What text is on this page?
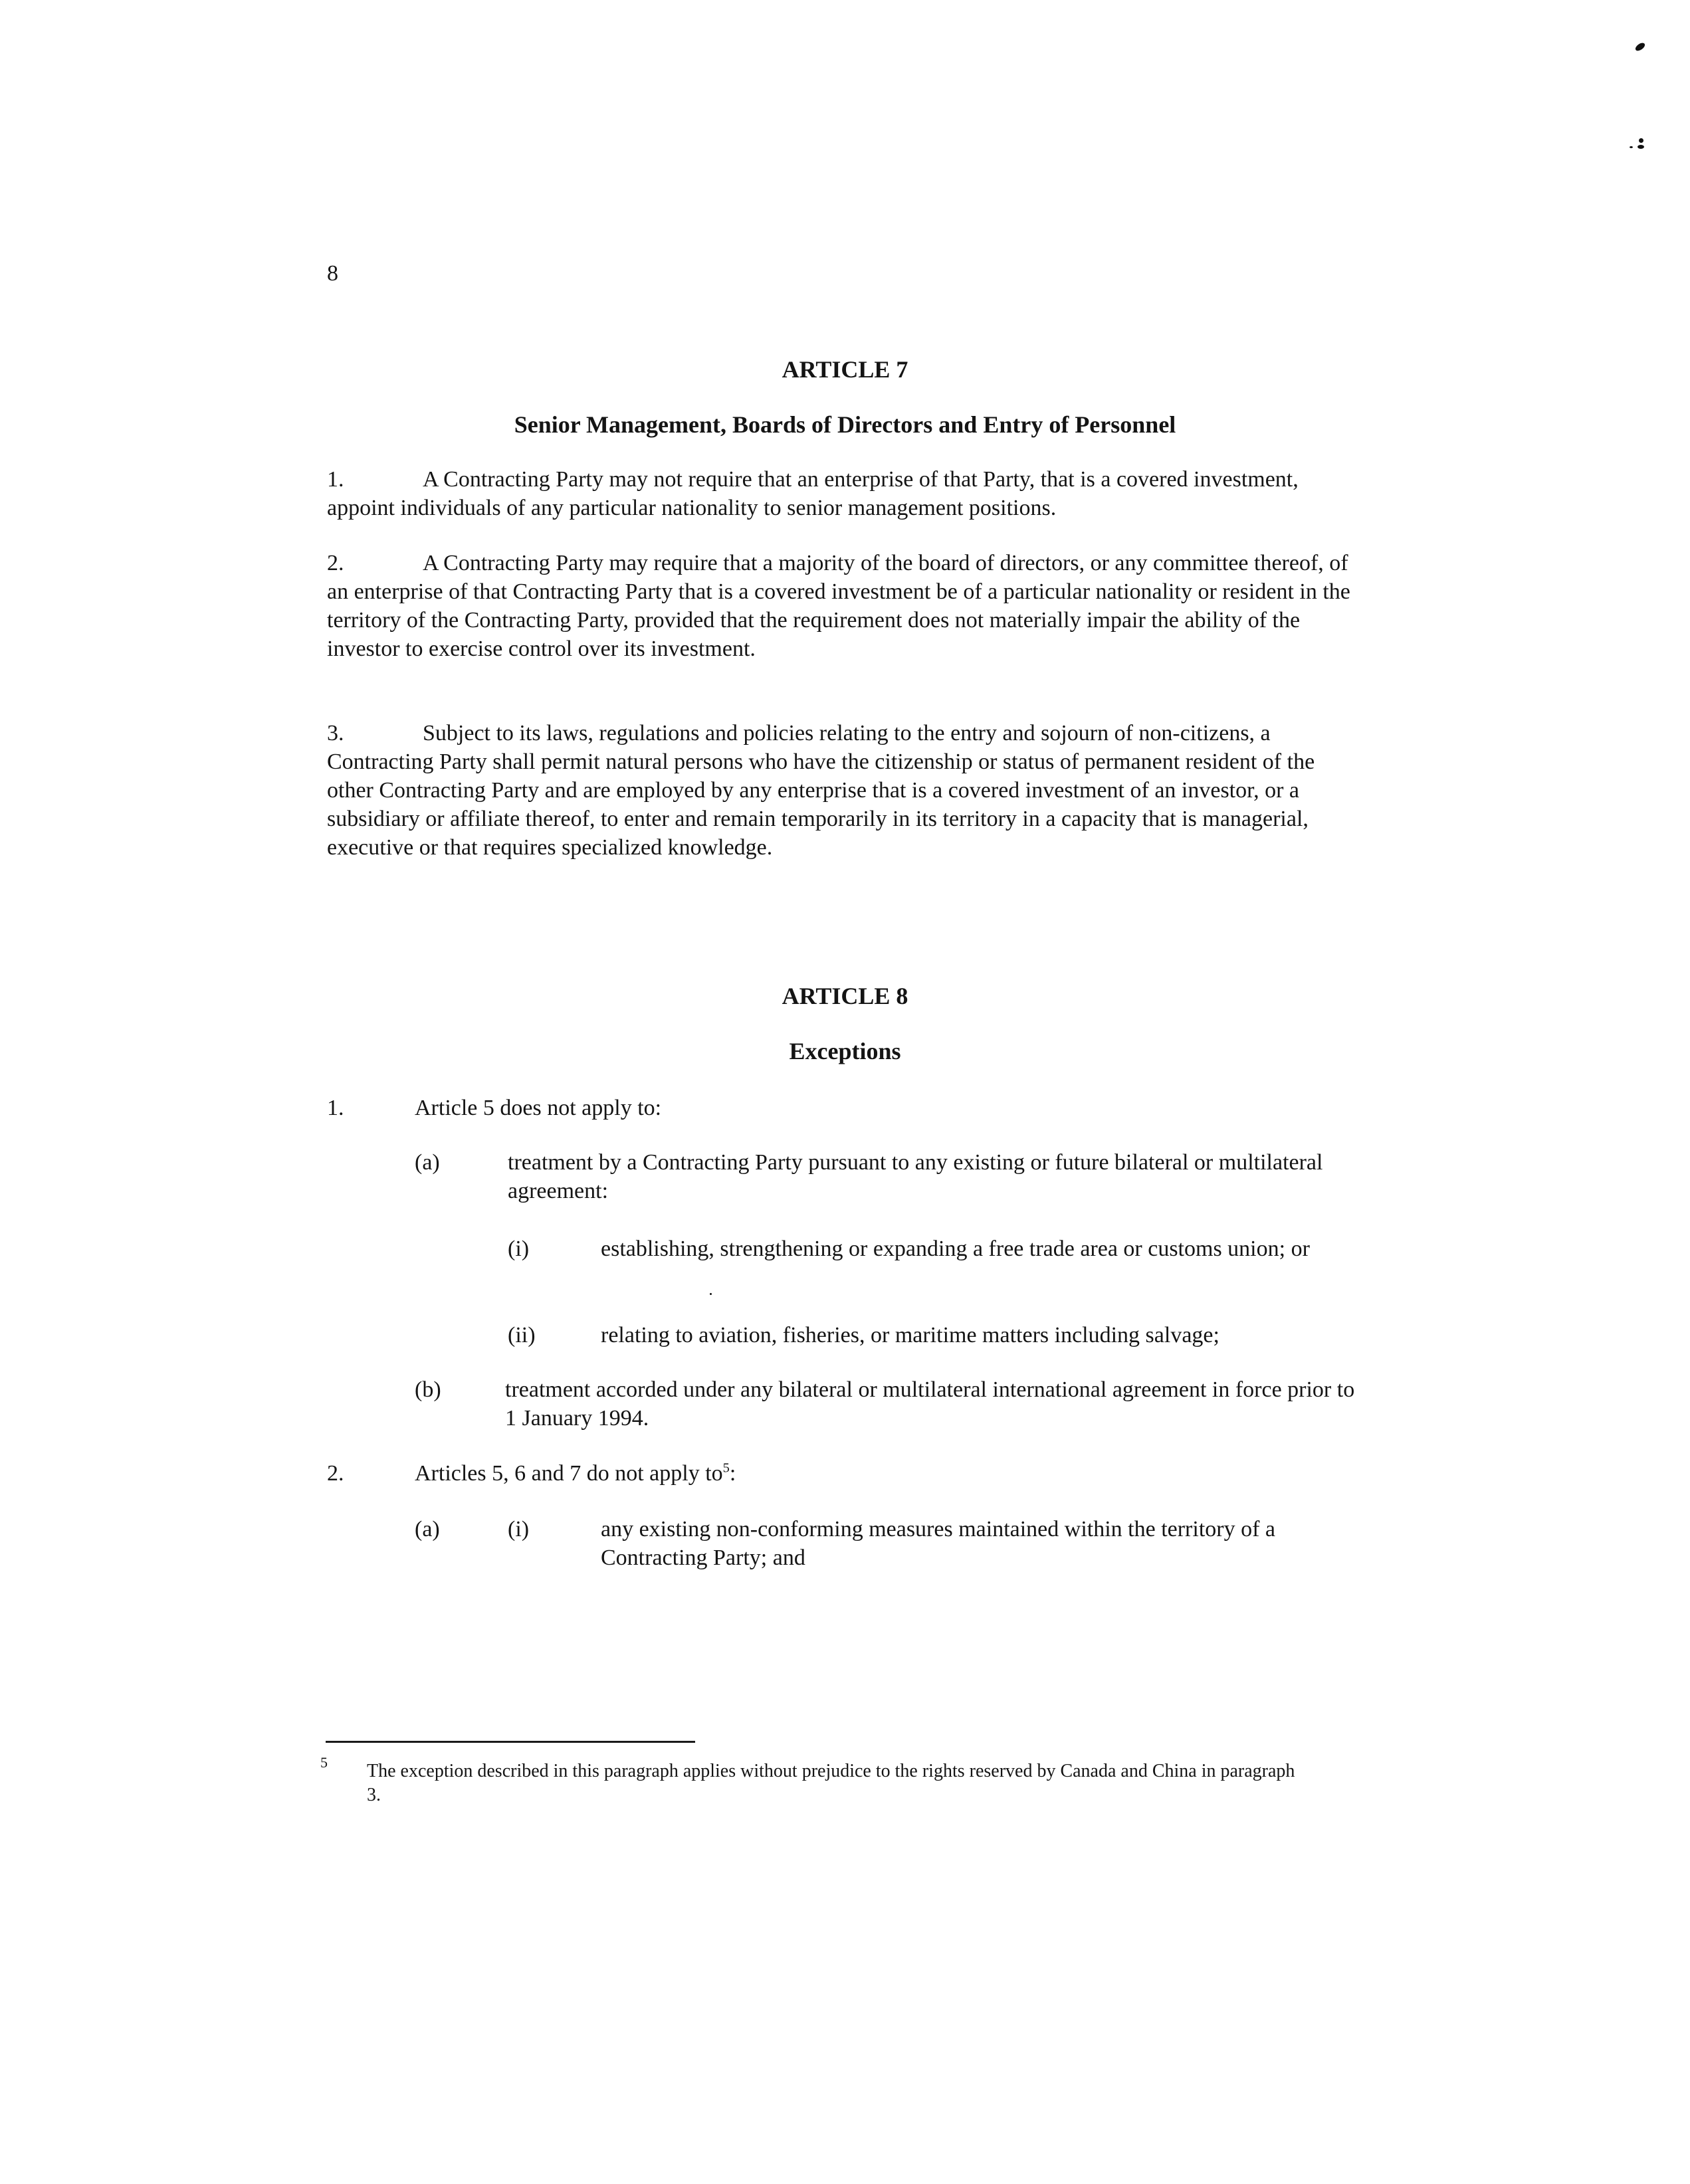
8
ARTICLE 7
Senior Management, Boards of Directors and Entry of Personnel

1.	A Contracting Party may not require that an enterprise of that Party, that is a covered investment, appoint individuals of any particular nationality to senior management positions.

2.	A Contracting Party may require that a majority of the board of directors, or any committee thereof, of an enterprise of that Contracting Party that is a covered investment be of a particular nationality or resident in the territory of the Contracting Party, provided that the requirement does not materially impair the ability of the investor to exercise control over its investment.

3.	Subject to its laws, regulations and policies relating to the entry and sojourn of non-citizens, a Contracting Party shall permit natural persons who have the citizenship or status of permanent resident of the other Contracting Party and are employed by any enterprise that is a covered investment of an investor, or a subsidiary or affiliate thereof, to enter and remain temporarily in its territory in a capacity that is managerial, executive or that requires specialized knowledge.

ARTICLE 8
Exceptions
1.	Article 5 does not apply to:
(a)	treatment by a Contracting Party pursuant to any existing or future bilateral or multilateral agreement:
(i)	establishing, strengthening or expanding a free trade area or customs union; or
(ii)	relating to aviation, fisheries, or maritime matters including salvage;
(b)	treatment accorded under any bilateral or multilateral international agreement in force prior to 1 January 1994.
2.	Articles 5, 6 and 7 do not apply $to^5$:
(a)	(i)	any existing non-conforming measures maintained within the territory of a Contracting Party; and
5 The exception described in this paragraph applies without prejudice to the rights reserved by Canada and China in paragraph 3.
